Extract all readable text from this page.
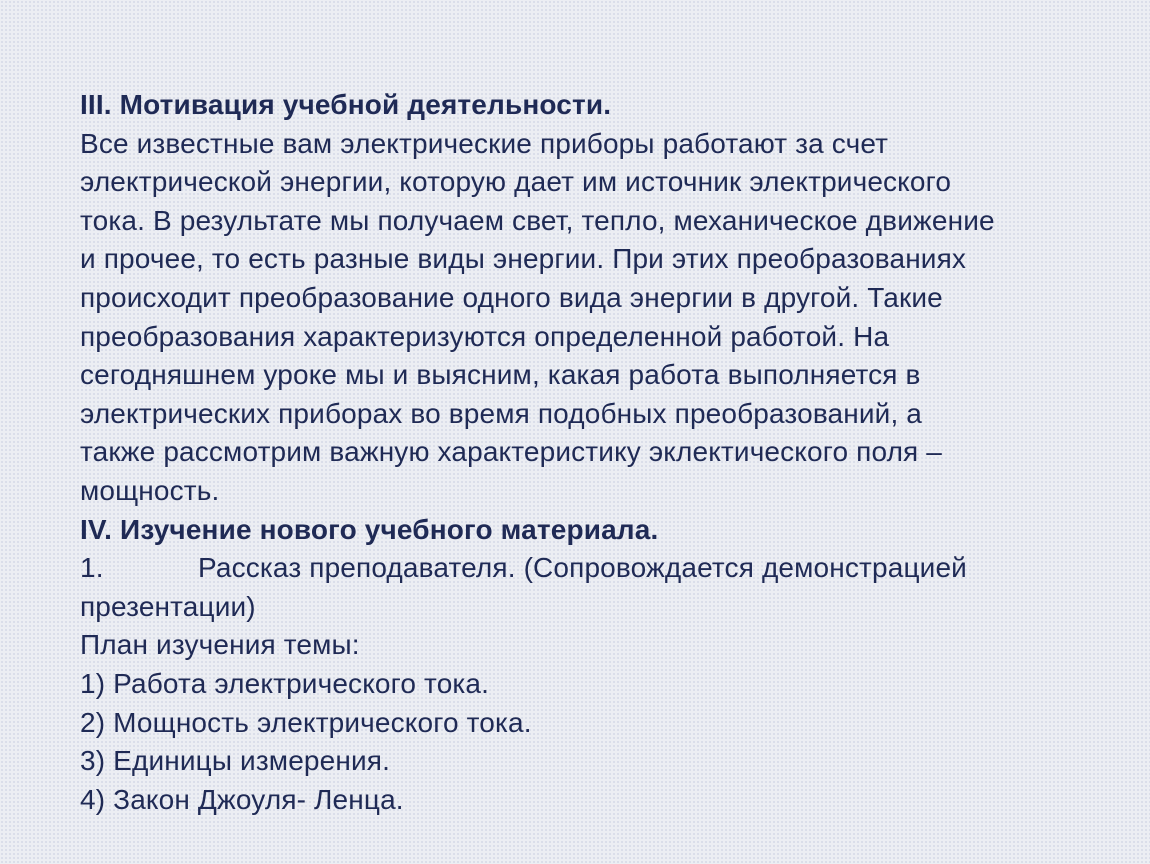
III. Мотивация учебной деятельности.
Все известные вам электрические приборы работают за счет
электрической энергии, которую дает им источник электрического
тока. В результате мы получаем свет, тепло, механическое движение
и прочее, то есть разные виды энергии. При этих преобразованиях
происходит преобразование одного вида энергии в другой. Такие
преобразования характеризуются определенной работой. На
сегодняшнем уроке мы и выясним, какая работа выполняется в
электрических приборах во время подобных преобразований, а
также рассмотрим важную характеристику эклектического поля –
мощность.
IV. Изучение нового учебного материала.
1.	Рассказ преподавателя. (Сопровождается демонстрацией
презентации)
План изучения темы:
1) Работа электрического тока.
2) Мощность электрического тока.
3) Единицы измерения.
4) Закон Джоуля- Ленца.
